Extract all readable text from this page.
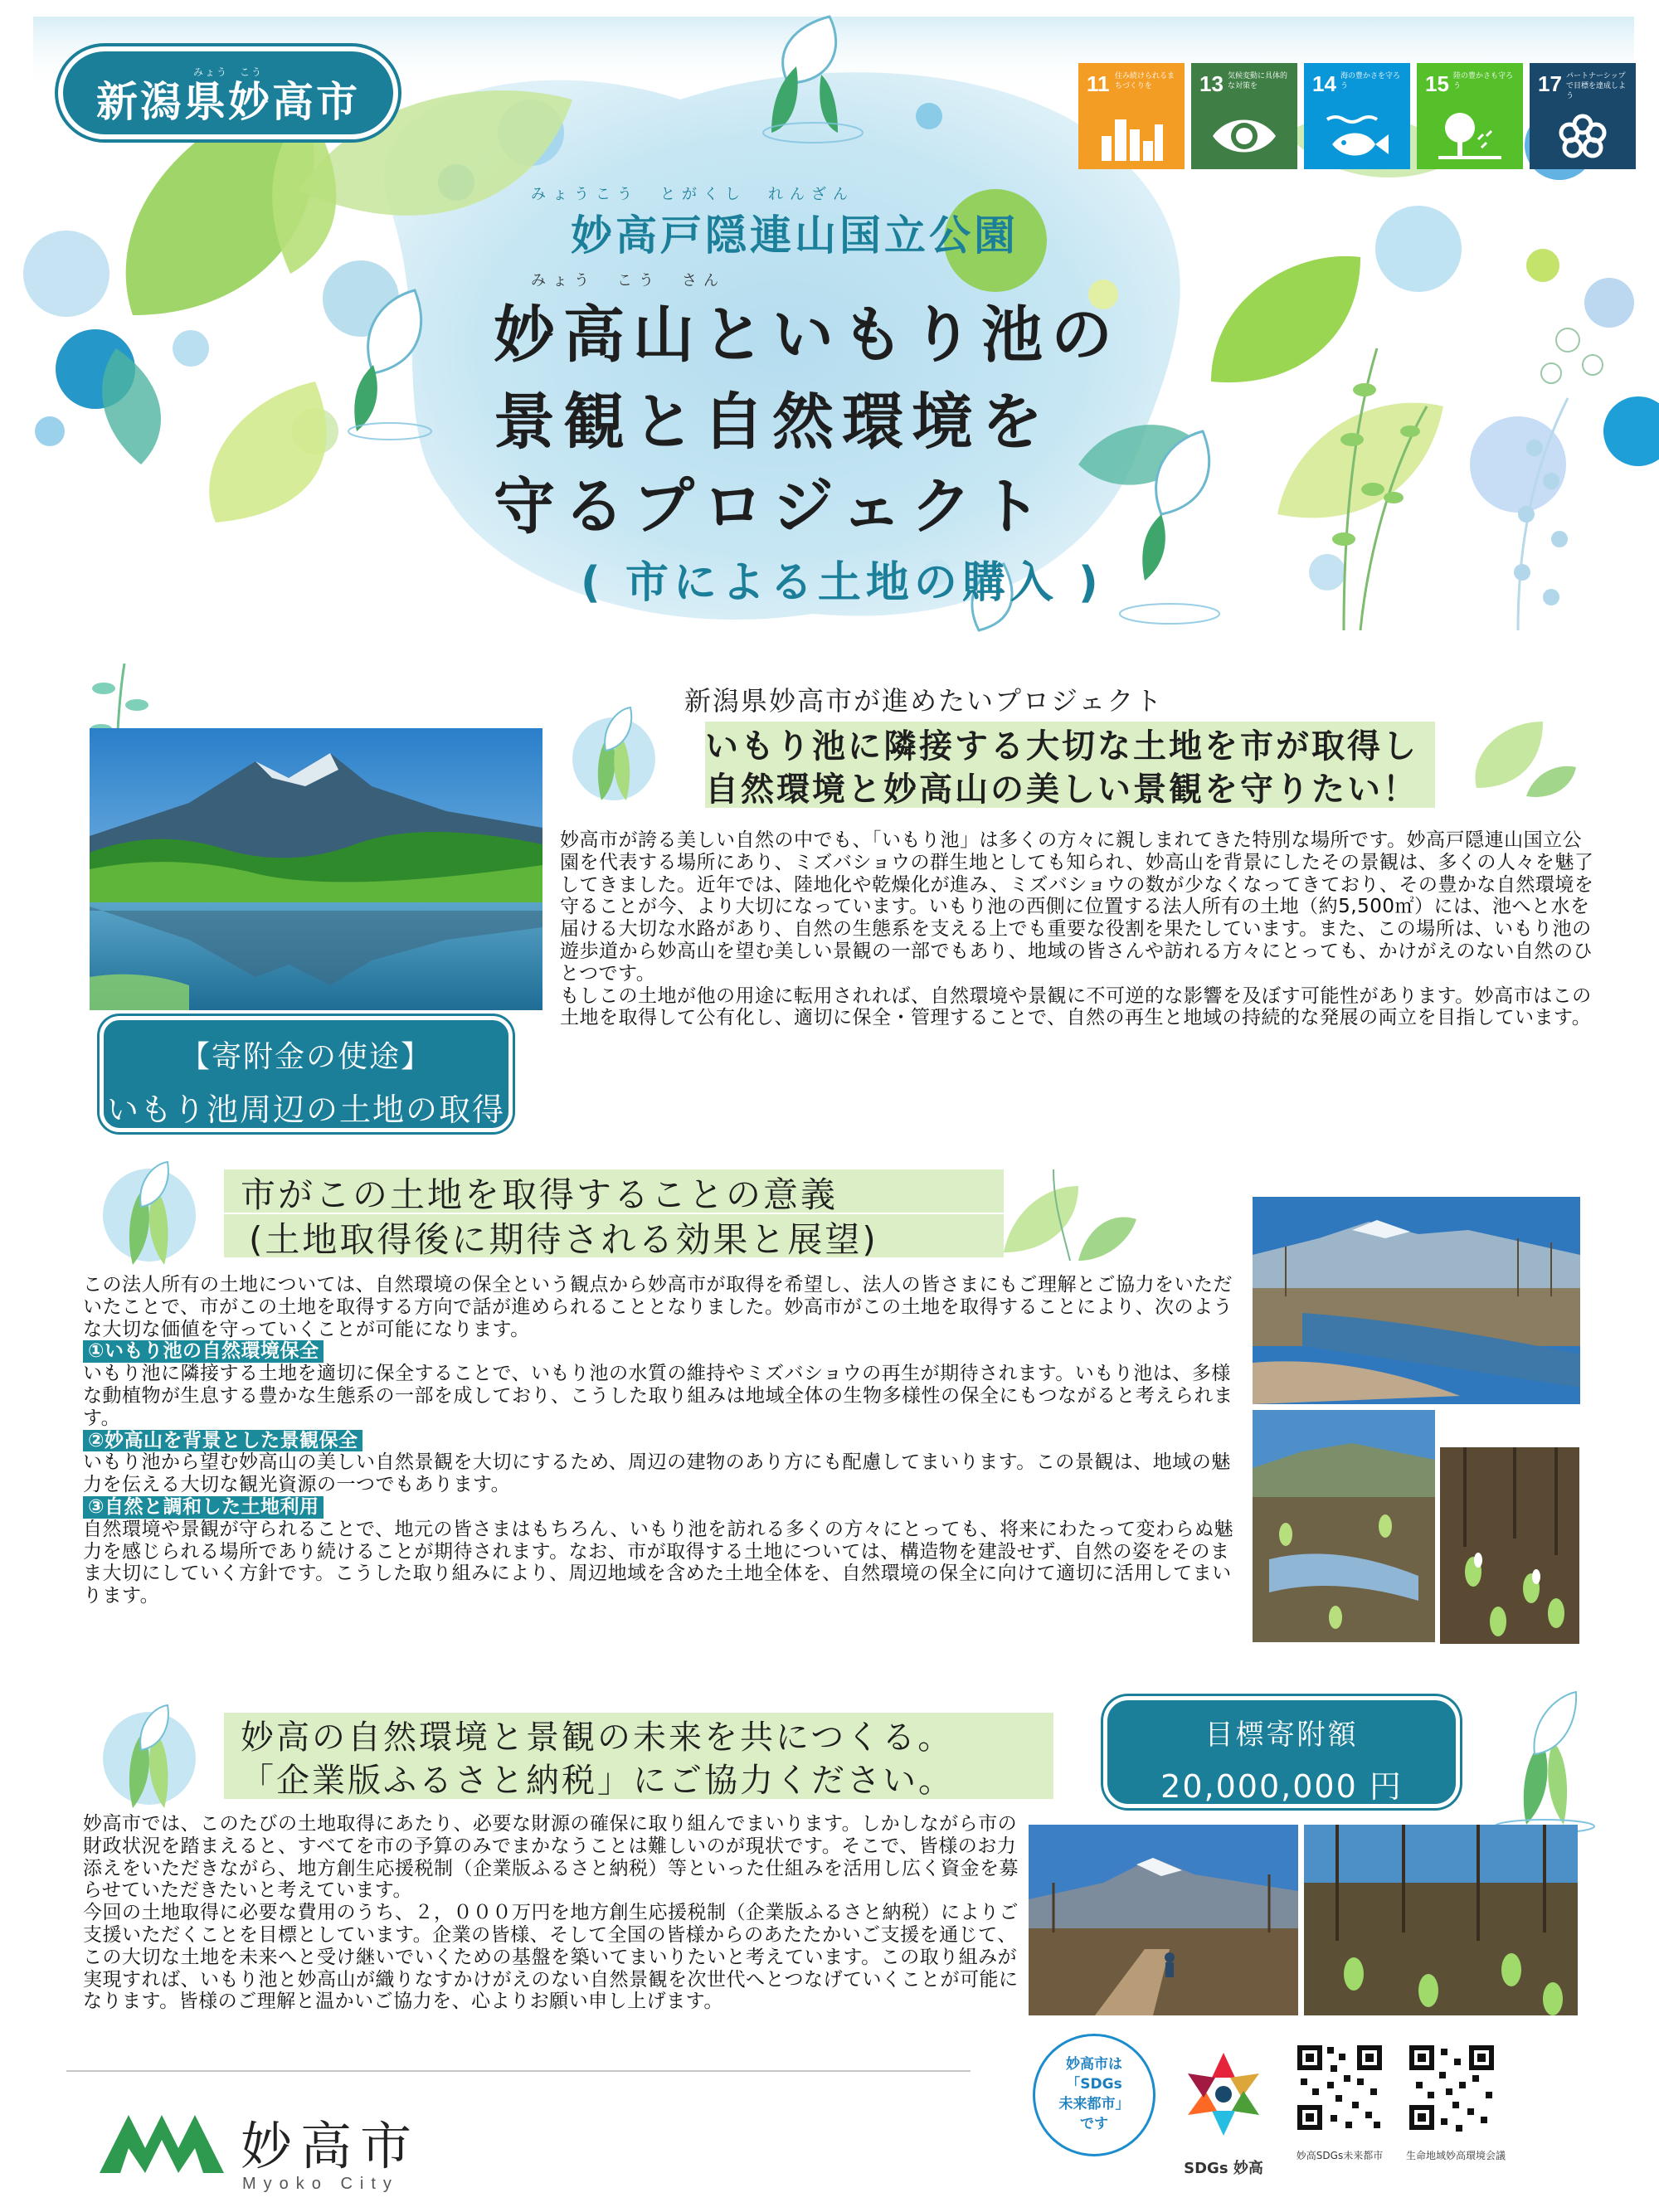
みょう　こう
新潟県妙高市	11 住み続けられるまちづくりを	13 気候変動に具体的な対策を	14 海の豊かさを守ろう	15 陸の豊かさも守ろう	17 パートナーシップで目標を達成しよう
みょうこう　とがくし　れんざん
妙高戸隠連山国立公園
みょう　こう　さん
妙高山といもり池の
景観と自然環境を
守るプロジェクト
( 市による土地の購入 )
【寄附金の使途】
いもり池周辺の土地の取得
新潟県妙高市が進めたいプロジェクト
いもり池に隣接する大切な土地を市が取得し
自然環境と妙高山の美しい景観を守りたい！
妙高市が誇る美しい自然の中でも、「いもり池」は多くの方々に親しまれてきた特別な場所です。妙高戸隠連山国立公園を代表する場所にあり、ミズバショウの群生地としても知られ、妙高山を背景にしたその景観は、多くの人々を魅了してきました。近年では、陸地化や乾燥化が進み、ミズバショウの数が少なくなってきており、その豊かな自然環境を守ることが今、より大切になっています。いもり池の西側に位置する法人所有の土地（約5,500㎡）には、池へと水を届ける大切な水路があり、自然の生態系を支える上でも重要な役割を果たしています。また、この場所は、いもり池の遊歩道から妙高山を望む美しい景観の一部でもあり、地域の皆さんや訪れる方々にとっても、かけがえのない自然のひとつです。
もしこの土地が他の用途に転用されれば、自然環境や景観に不可逆的な影響を及ぼす可能性があります。妙高市はこの土地を取得して公有化し、適切に保全・管理することで、自然の再生と地域の持続的な発展の両立を目指しています。
市がこの土地を取得することの意義
(土地取得後に期待される効果と展望)
この法人所有の土地については、自然環境の保全という観点から妙高市が取得を希望し、法人の皆さまにもご理解とご協力をいただいたことで、市がこの土地を取得する方向で話が進められることとなりました。妙高市がこの土地を取得することにより、次のような大切な価値を守っていくことが可能になります。
①いもり池の自然環境保全
いもり池に隣接する土地を適切に保全することで、いもり池の水質の維持やミズバショウの再生が期待されます。いもり池は、多様な動植物が生息する豊かな生態系の一部を成しており、こうした取り組みは地域全体の生物多様性の保全にもつながると考えられます。
②妙高山を背景とした景観保全
いもり池から望む妙高山の美しい自然景観を大切にするため、周辺の建物のあり方にも配慮してまいります。この景観は、地域の魅力を伝える大切な観光資源の一つでもあります。
③自然と調和した土地利用
自然環境や景観が守られることで、地元の皆さまはもちろん、いもり池を訪れる多くの方々にとっても、将来にわたって変わらぬ魅力を感じられる場所であり続けることが期待されます。なお、市が取得する土地については、構造物を建設せず、自然の姿をそのまま大切にしていく方針です。こうした取り組みにより、周辺地域を含めた土地全体を、自然環境の保全に向けて適切に活用してまいります。
妙高の自然環境と景観の未来を共につくる。
「企業版ふるさと納税」にご協力ください。
目標寄附額
20,000,000 円
妙高市では、このたびの土地取得にあたり、必要な財源の確保に取り組んでまいります。しかしながら市の財政状況を踏まえると、すべてを市の予算のみでまかなうことは難しいのが現状です。そこで、皆様のお力添えをいただきながら、地方創生応援税制（企業版ふるさと納税）等といった仕組みを活用し広く資金を募らせていただきたいと考えています。
今回の土地取得に必要な費用のうち、２，０００万円を地方創生応援税制（企業版ふるさと納税）によりご支援いただくことを目標としています。企業の皆様、そして全国の皆様からのあたたかいご支援を通じて、この大切な土地を未来へと受け継いでいくための基盤を築いてまいりたいと考えています。この取り組みが実現すれば、いもり池と妙高山が織りなすかけがえのない自然景観を次世代へとつなげていくことが可能になります。皆様のご理解と温かいご協力を、心よりお願い申し上げます。
妙高市
Myoko City
妙高市は
「SDGs
未来都市」
です
SDGs 妙高
妙高SDGs未来都市	生命地域妙高環境会議
